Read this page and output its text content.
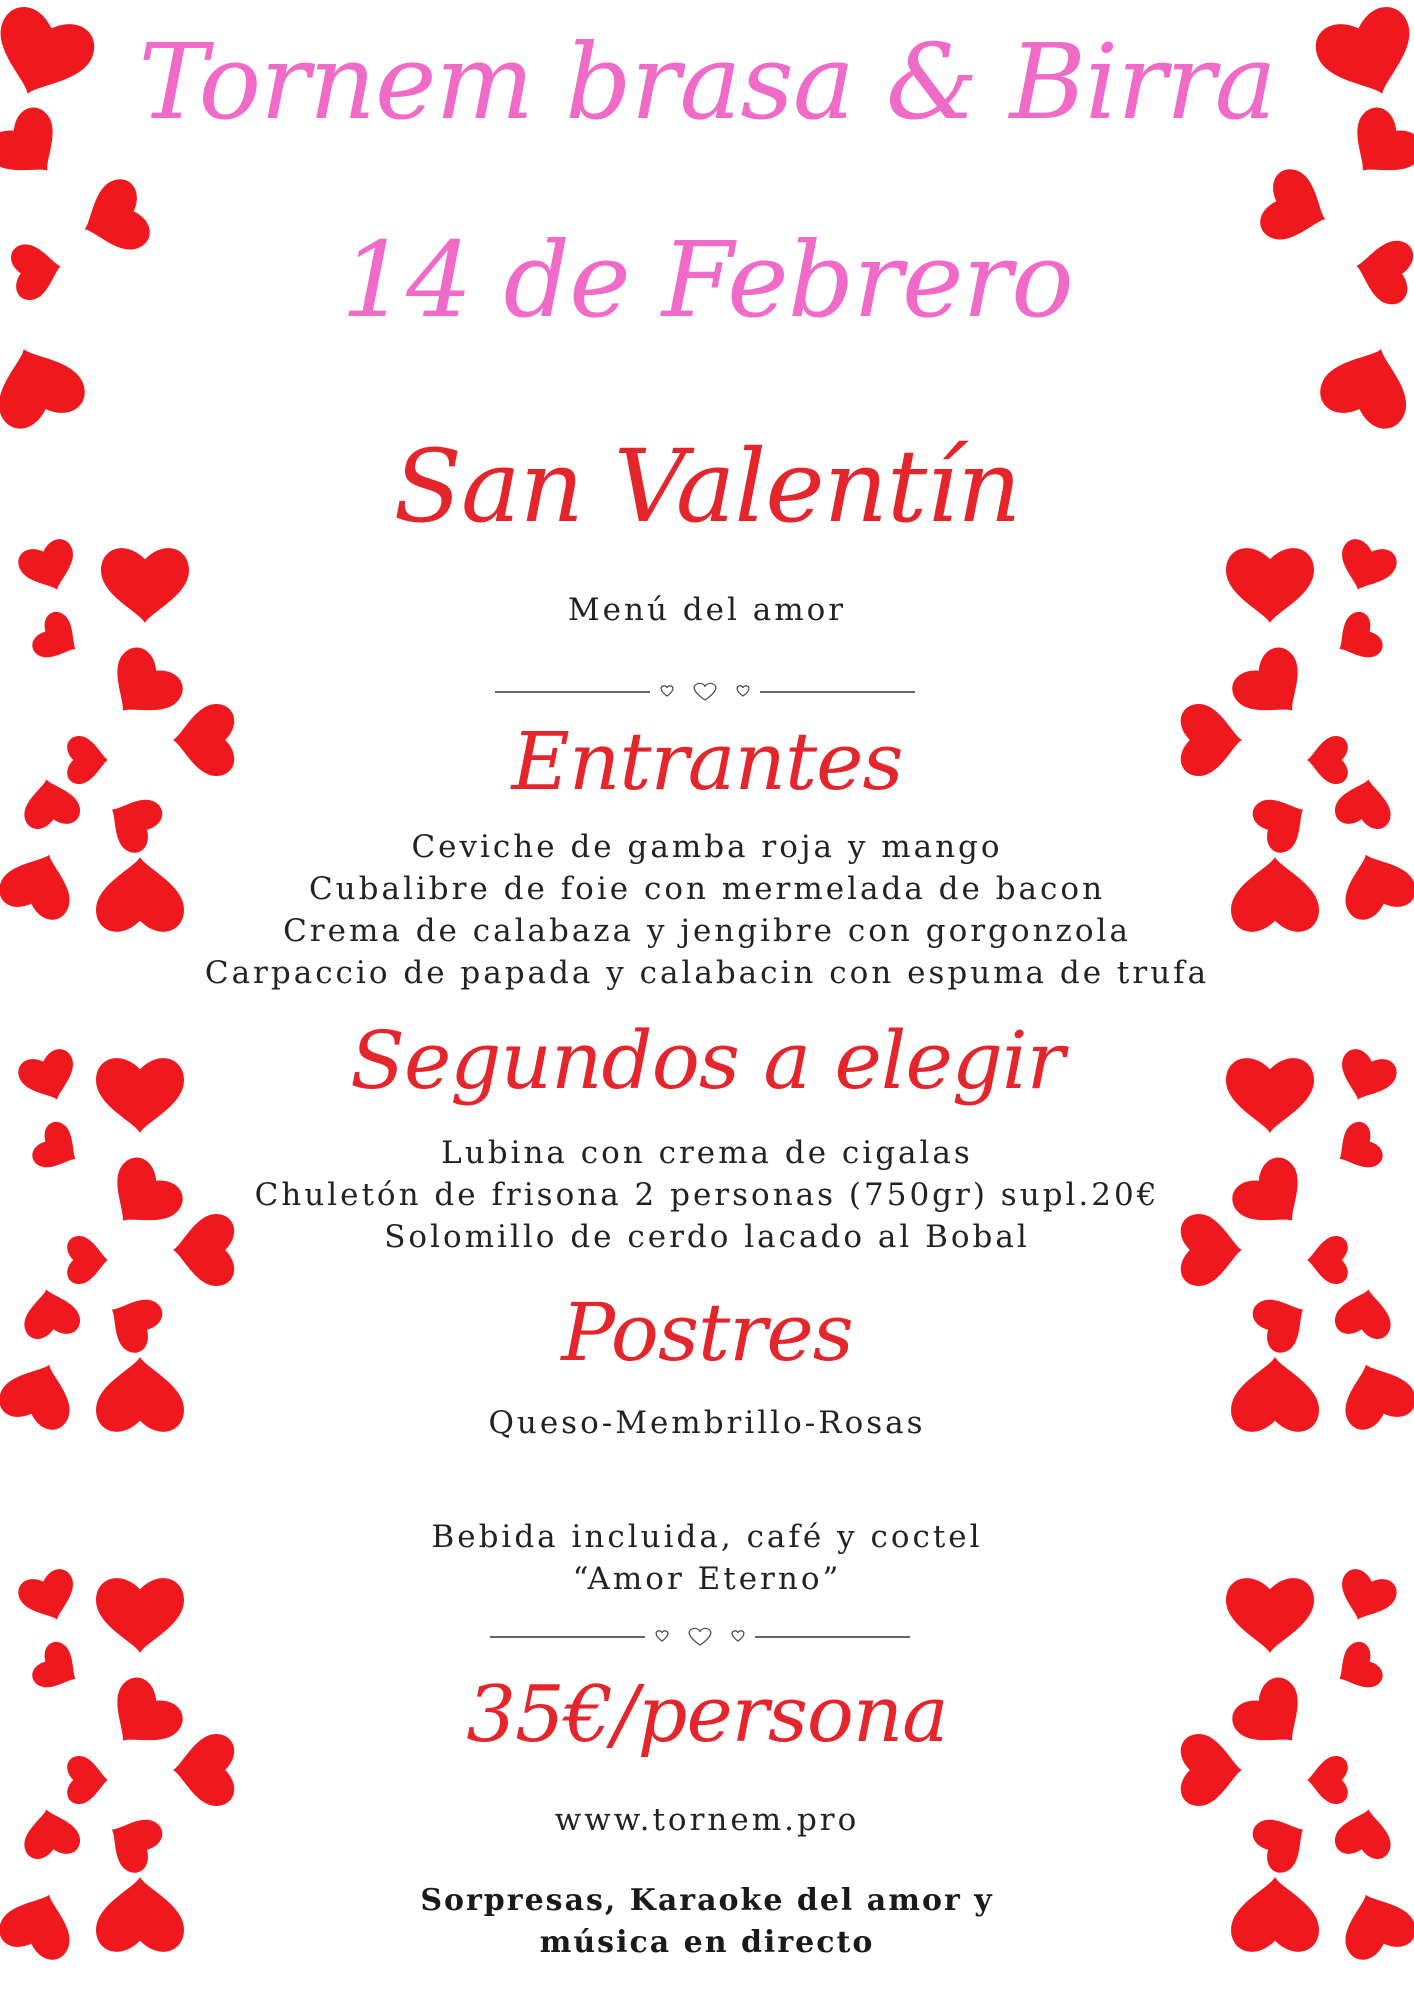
Tornem brasa & Birra
14 de Febrero
San Valentín
Menú del amor
Entrantes
Ceviche de gamba roja y mango
Cubalibre de foie con mermelada de bacon
Crema de calabaza y jengibre con gorgonzola
Carpaccio de papada y calabacin con espuma de trufa
Segundos a elegir
Lubina con crema de cigalas
Chuletón de frisona 2 personas (750gr) supl.20€
Solomillo de cerdo lacado al Bobal
Postres
Queso-Membrillo-Rosas
Bebida incluida, café y coctel
“Amor Eterno”
35€/persona
www.tornem.pro
Sorpresas, Karaoke del amor y
música en directo
